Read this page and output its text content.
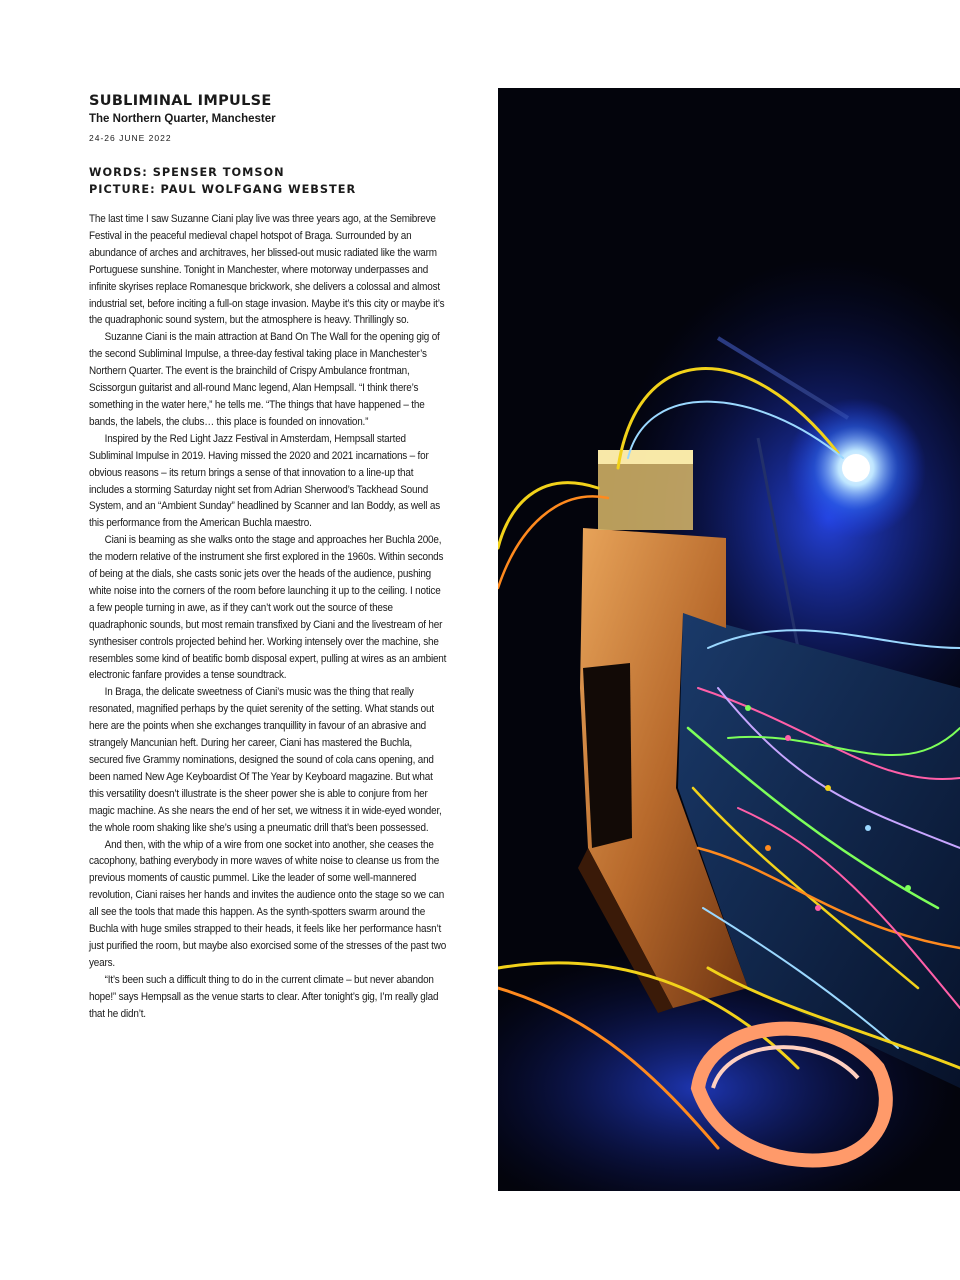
SUBLIMINAL IMPULSE
The Northern Quarter, Manchester
24-26 JUNE 2022
WORDS: SPENSER TOMSON
PICTURE: PAUL WOLFGANG WEBSTER

The last time I saw Suzanne Ciani play live was three years ago, at the Semibreve Festival in the peaceful medieval chapel hotspot of Braga. Surrounded by an abundance of arches and architraves, her blissed-out music radiated like the warm Portuguese sunshine. Tonight in Manchester, where motorway underpasses and infinite skyrises replace Romanesque brickwork, she delivers a colossal and almost industrial set, before inciting a full-on stage invasion. Maybe it’s this city or maybe it’s the quadraphonic sound system, but the atmosphere is heavy. Thrillingly so.

Suzanne Ciani is the main attraction at Band On The Wall for the opening gig of the second Subliminal Impulse, a three-day festival taking place in Manchester’s Northern Quarter. The event is the brainchild of Crispy Ambulance frontman, Scissorgun guitarist and all-round Manc legend, Alan Hempsall. “I think there’s something in the water here,” he tells me. “The things that have happened – the bands, the labels, the clubs… this place is founded on innovation.”

Inspired by the Red Light Jazz Festival in Amsterdam, Hempsall started Subliminal Impulse in 2019. Having missed the 2020 and 2021 incarnations – for obvious reasons – its return brings a sense of that innovation to a line-up that includes a storming Saturday night set from Adrian Sherwood’s Tackhead Sound System, and an “Ambient Sunday” headlined by Scanner and Ian Boddy, as well as this performance from the American Buchla maestro.

Ciani is beaming as she walks onto the stage and approaches her Buchla 200e, the modern relative of the instrument she first explored in the 1960s. Within seconds of being at the dials, she casts sonic jets over the heads of the audience, pushing white noise into the corners of the room before launching it up to the ceiling. I notice a few people turning in awe, as if they can’t work out the source of these quadraphonic sounds, but most remain transfixed by Ciani and the livestream of her synthesiser controls projected behind her. Working intensely over the machine, she resembles some kind of beatific bomb disposal expert, pulling at wires as an ambient electronic fanfare provides a tense soundtrack.

In Braga, the delicate sweetness of Ciani’s music was the thing that really resonated, magnified perhaps by the quiet serenity of the setting. What stands out here are the points when she exchanges tranquillity in favour of an abrasive and strangely Mancunian heft. During her career, Ciani has mastered the Buchla, secured five Grammy nominations, designed the sound of cola cans opening, and been named New Age Keyboardist Of The Year by Keyboard magazine. But what this versatility doesn’t illustrate is the sheer power she is able to conjure from her magic machine. As she nears the end of her set, we witness it in wide-eyed wonder, the whole room shaking like she’s using a pneumatic drill that’s been possessed.

And then, with the whip of a wire from one socket into another, she ceases the cacophony, bathing everybody in more waves of white noise to cleanse us from the previous moments of caustic pummel. Like the leader of some well-mannered revolution, Ciani raises her hands and invites the audience onto the stage so we can all see the tools that made this happen. As the synth-spotters swarm around the Buchla with huge smiles strapped to their heads, it feels like her performance hasn’t just purified the room, but maybe also exorcised some of the stresses of the past two years.

“It’s been such a difficult thing to do in the current climate – but never abandon hope!” says Hempsall as the venue starts to clear. After tonight’s gig, I’m really glad that he didn’t.
